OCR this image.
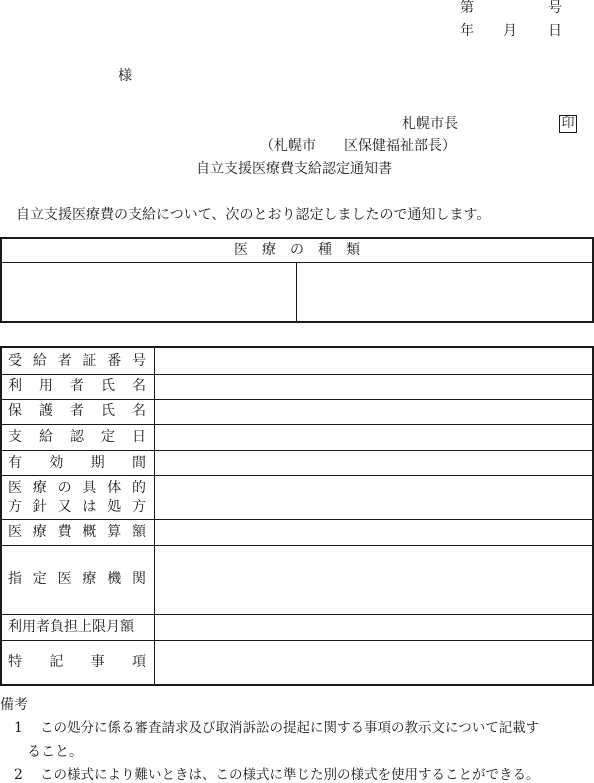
第	号
年 月 日
様
札幌市長	印
（札幌市　　区保健福祉部長）
自立支援医療費支給認定通知書
自立支援医療費の支給について、次のとおり認定しましたので通知します。
医　療　の　種　類
受給者証番号
利用者氏名
保護者氏名
支給認定日
有効期間
医療の具体的
方針又は処方
医療費概算額
指定医療機関
利用者負担上限月額
特記事項
備考
1 この処分に係る審査請求及び取消訴訟の提起に関する事項の教示文について記載す
ること。
2 この様式により難いときは、この様式に準じた別の様式を使用することができる。
